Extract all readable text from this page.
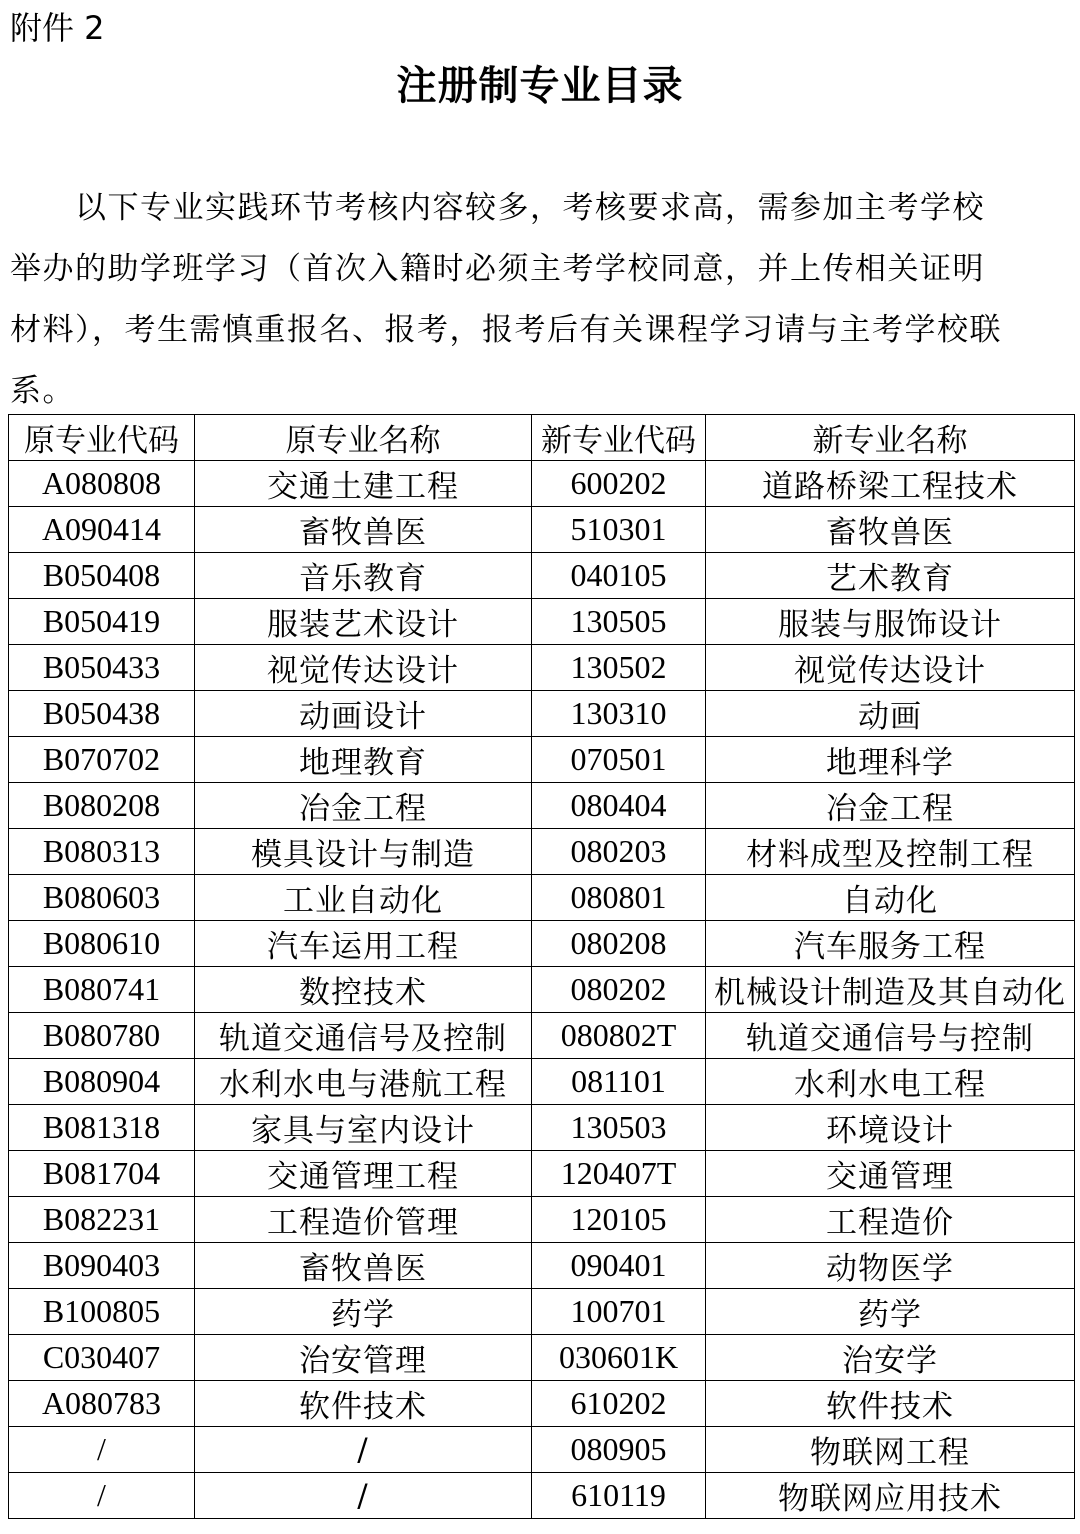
附件 2
注册制专业目录
以下专业实践环节考核内容较多，考核要求高，需参加主考学校举办的助学班学习（首次入籍时必须主考学校同意，并上传相关证明材料），考生需慎重报名、报考，报考后有关课程学习请与主考学校联系。
原专业代码	原专业名称	新专业代码	新专业名称
A080808	交通土建工程	600202	道路桥梁工程技术
A090414	畜牧兽医	510301	畜牧兽医
B050408	音乐教育	040105	艺术教育
B050419	服装艺术设计	130505	服装与服饰设计
B050433	视觉传达设计	130502	视觉传达设计
B050438	动画设计	130310	动画
B070702	地理教育	070501	地理科学
B080208	冶金工程	080404	冶金工程
B080313	模具设计与制造	080203	材料成型及控制工程
B080603	工业自动化	080801	自动化
B080610	汽车运用工程	080208	汽车服务工程
B080741	数控技术	080202	机械设计制造及其自动化
B080780	轨道交通信号及控制	080802T	轨道交通信号与控制
B080904	水利水电与港航工程	081101	水利水电工程
B081318	家具与室内设计	130503	环境设计
B081704	交通管理工程	120407T	交通管理
B082231	工程造价管理	120105	工程造价
B090403	畜牧兽医	090401	动物医学
B100805	药学	100701	药学
C030407	治安管理	030601K	治安学
A080783	软件技术	610202	软件技术
/	/	080905	物联网工程
/	/	610119	物联网应用技术
